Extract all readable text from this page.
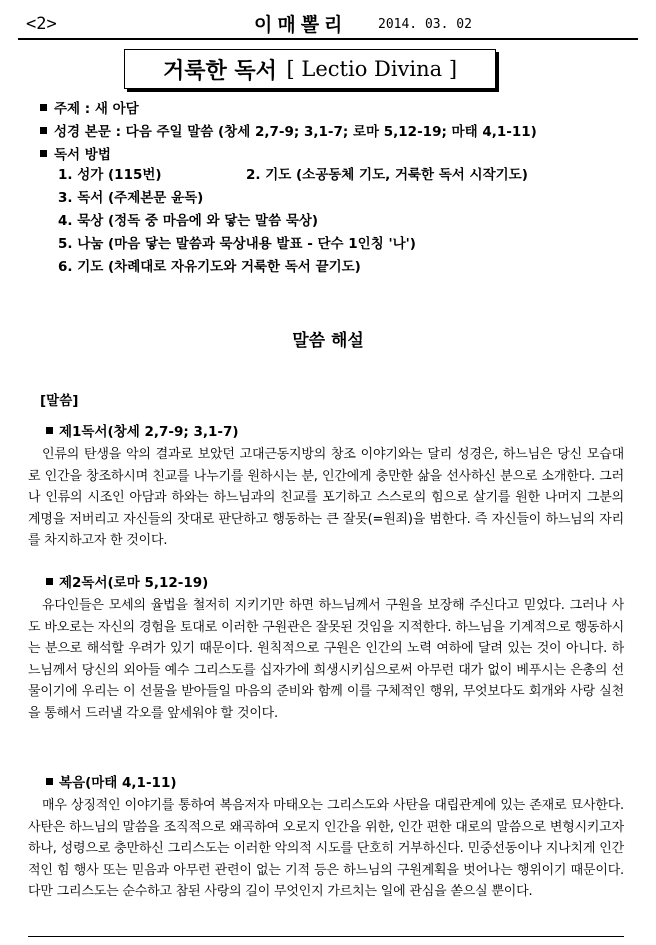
<2>	이매뽈리 2014. 03. 02
거룩한 독서
[ Lectio Divina ]
주제 : 새 아담
성경 본문 : 다음 주일 말씀 (창세 2,7-9; 3,1-7; 로마 5,12-19; 마태 4,1-11)
독서 방법
1. 성가 (115번)	2. 기도 (소공동체 기도, 거룩한 독서 시작기도)
3. 독서 (주제본문 윤독)
4. 묵상 (정독 중 마음에 와 닿는 말씀 묵상)
5. 나눔 (마음 닿는 말씀과 묵상내용 발표 - 단수 1인칭 '나')
6. 기도 (차례대로 자유기도와 거룩한 독서 끝기도)
말씀 해설
[말씀]
제1독서(창세 2,7-9; 3,1-7)
인류의 탄생을 악의 결과로 보았던 고대근동지방의 창조 이야기와는 달리 성경은, 하느님은 당신 모습대로 인간을 창조하시며 친교를 나누기를 원하시는 분, 인간에게 충만한 삶을 선사하신 분으로 소개한다. 그러나 인류의 시조인 아담과 하와는 하느님과의 친교를 포기하고 스스로의 힘으로 살기를 원한 나머지 그분의 계명을 저버리고 자신들의 잣대로 판단하고 행동하는 큰 잘못(=원죄)을 범한다. 즉 자신들이 하느님의 자리를 차지하고자 한 것이다.
제2독서(로마 5,12-19)
유다인들은 모세의 율법을 철저히 지키기만 하면 하느님께서 구원을 보장해 주신다고 믿었다. 그러나 사도 바오로는 자신의 경험을 토대로 이러한 구원관은 잘못된 것임을 지적한다. 하느님을 기계적으로 행동하시는 분으로 해석할 우려가 있기 때문이다. 원칙적으로 구원은 인간의 노력 여하에 달려 있는 것이 아니다. 하느님께서 당신의 외아들 예수 그리스도를 십자가에 희생시키심으로써 아무런 대가 없이 베푸시는 은총의 선물이기에 우리는 이 선물을 받아들일 마음의 준비와 함께 이를 구체적인 행위, 무엇보다도 회개와 사랑 실천을 통해서 드러낼 각오를 앞세워야 할 것이다.
복음(마태 4,1-11)
매우 상징적인 이야기를 통하여 복음저자 마태오는 그리스도와 사탄을 대립관계에 있는 존재로 묘사한다. 사탄은 하느님의 말씀을 조직적으로 왜곡하여 오로지 인간을 위한, 인간 편한 대로의 말씀으로 변형시키고자 하나, 성령으로 충만하신 그리스도는 이러한 악의적 시도를 단호히 거부하신다. 민중선동이나 지나치게 인간적인 힘 행사 또는 믿음과 아무런 관련이 없는 기적 등은 하느님의 구원계획을 벗어나는 행위이기 때문이다. 다만 그리스도는 순수하고 참된 사랑의 길이 무엇인지 가르치는 일에 관심을 쏟으실 뿐이다.
